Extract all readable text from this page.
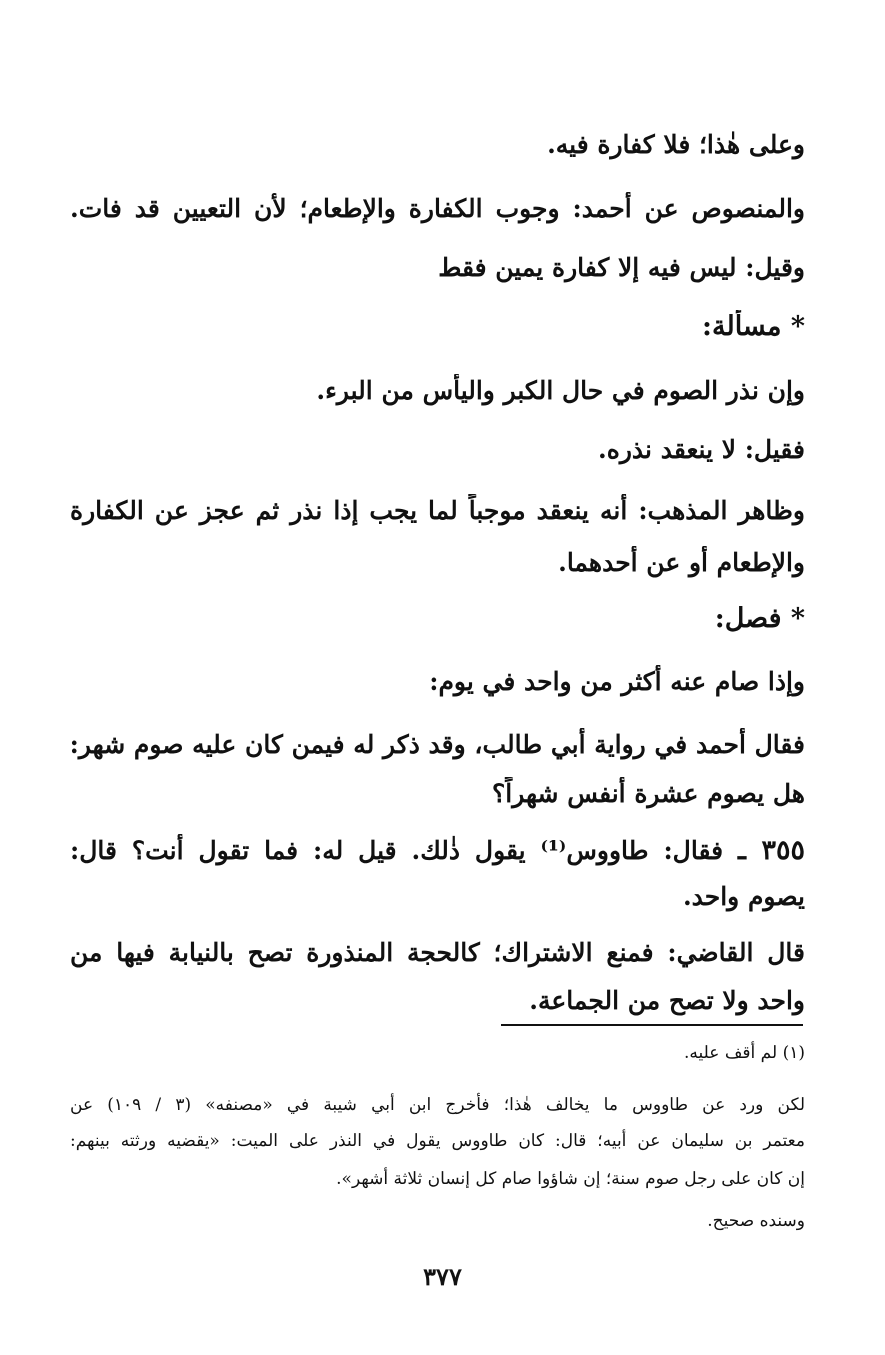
وعلى هٰذا؛ فلا كفارة فيه.
والمنصوص عن أحمد: وجوب الكفارة والإطعام؛ لأن التعيين قد فات.
وقيل: ليس فيه إلا كفارة يمين فقط
* مسألة:
وإن نذر الصوم في حال الكبر واليأس من البرء.
فقيل: لا ينعقد نذره.
وظاهر المذهب: أنه ينعقد موجباً لما يجب إذا نذر ثم عجز عن الكفارة
والإطعام أو عن أحدهما.
* فصل:
وإذا صام عنه أكثر من واحد في يوم:
فقال أحمد في رواية أبي طالب، وقد ذكر له فيمن كان عليه صوم شهر:
هل يصوم عشرة أنفس شهراً؟
٣٥٥ ـ فقال: طاووس⁽¹⁾ يقول ذٰلك. قيل له: فما تقول أنت؟ قال:
يصوم واحد.
قال القاضي: فمنع الاشتراك؛ كالحجة المنذورة تصح بالنيابة فيها من
واحد ولا تصح من الجماعة.
(١) لم أقف عليه.
لكن ورد عن طاووس ما يخالف هٰذا؛ فأخرج ابن أبي شيبة في «مصنفه» (٣ / ١٠٩) عن
معتمر بن سليمان عن أبيه؛ قال: كان طاووس يقول في النذر على الميت: «يقضيه ورثته بينهم:
إن كان على رجل صوم سنة؛ إن شاؤوا صام كل إنسان ثلاثة أشهر».
وسنده صحيح.
٣٧٧
